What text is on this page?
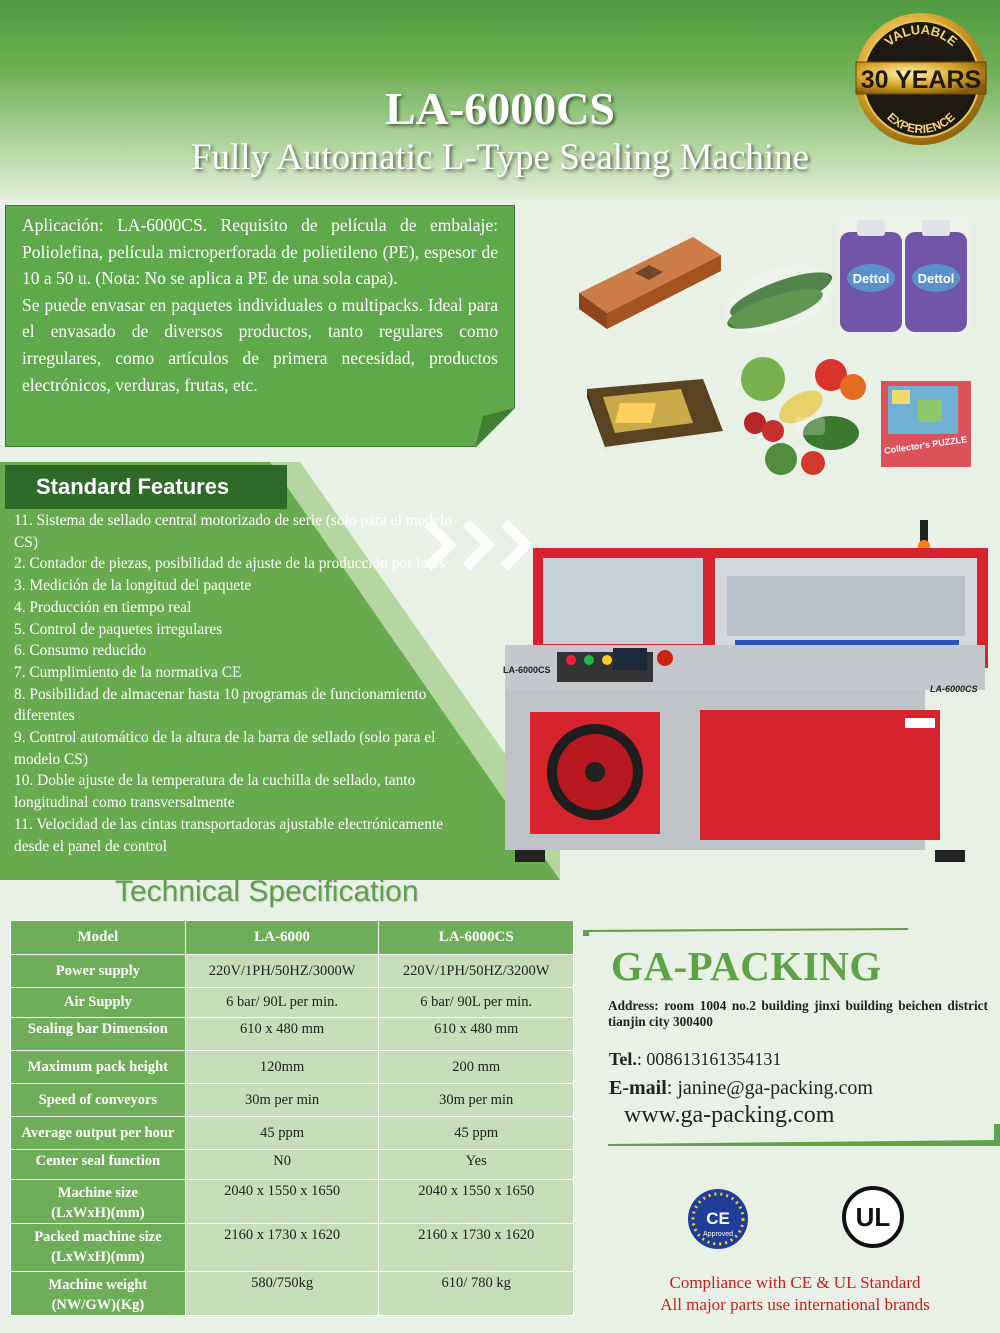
LA-6000CS
Fully Automatic L-Type Sealing Machine
VALUABLE
30 YEARS
EXPERIENCE

Aplicación: LA-6000CS. Requisito de película de embalaje: Poliolefina, película microperforada de polietileno (PE), espesor de 10 a 50 u. (Nota: No se aplica a PE de una sola capa).

Se puede envasar en paquetes individuales o multipacks. Ideal para el envasado de diversos productos, tanto regulares como irregulares, como artículos de primera necesidad, productos electrónicos, verduras, frutas, etc.

Dettol Dettol
Collector's PUZZLE
Standard Features
11. Sistema de sellado central motorizado de serie (solo para el modelo CS)
2. Contador de piezas, posibilidad de ajuste de la producción por lotes
3. Medición de la longitud del paquete
4. Producción en tiempo real
5. Control de paquetes irregulares
6. Consumo reducido
7. Cumplimiento de la normativa CE
8. Posibilidad de almacenar hasta 10 programas de funcionamiento diferentes
9. Control automático de la altura de la barra de sellado (solo para el modelo CS)
10. Doble ajuste de la temperatura de la cuchilla de sellado, tanto longitudinal como transversalmente
11. Velocidad de las cintas transportadoras ajustable electrónicamente desde el panel de control
LA-6000CS
LA-6000CS
Technical Specification
Model	LA-6000	LA-6000CS
Power supply	220V/1PH/50HZ/3000W	220V/1PH/50HZ/3200W
Air Supply	6 bar/ 90L per min.	6 bar/ 90L per min.
Sealing bar Dimension	610 x 480 mm	610 x 480 mm
Maximum pack height	120mm	200 mm
Speed of conveyors	30m per min	30m per min
Average output per hour	45 ppm	45 ppm
Center seal function	N0	Yes

Machine size
(LxWxH)(mm)	2040 x 1550 x 1650	2040 x 1550 x 1650

Packed machine size
(LxWxH)(mm)	2160 x 1730 x 1620	2160 x 1730 x 1620

Machine weight
(NW/GW)(Kg)	580/750kg	610/ 780 kg
GA-PACKING
Address: room 1004 no.2 building jinxi building beichen district tianjin city 300400
Tel.: 008613161354131
E-mail: janine@ga-packing.com
www.ga-packing.com
CE
Approved
UL
Compliance with CE & UL Standard
All major parts use international brands
